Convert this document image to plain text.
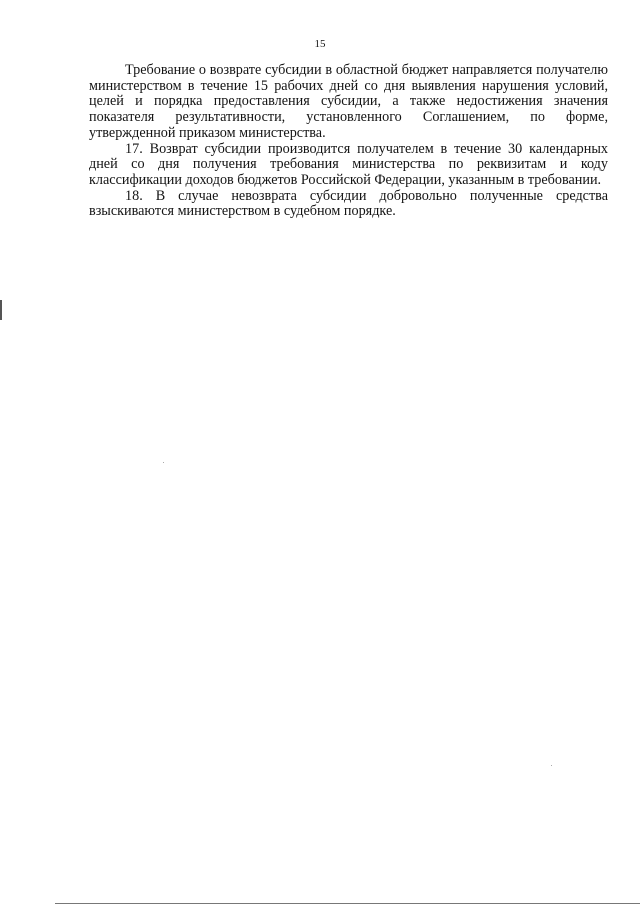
15

Требование о возврате субсидии в областной бюджет направляется получателю министерством в течение 15 рабочих дней со дня выявления нарушения условий, целей и порядка предоставления субсидии, а также недостижения значения показателя результативности, установленного Соглашением, по форме, утвержденной приказом министерства.

17. Возврат субсидии производится получателем в течение 30 календарных дней со дня получения требования министерства по реквизитам и коду классификации доходов бюджетов Российской Федерации, указанным в требовании.

18. В случае невозврата субсидии добровольно полученные средства взыскиваются министерством в судебном порядке.
